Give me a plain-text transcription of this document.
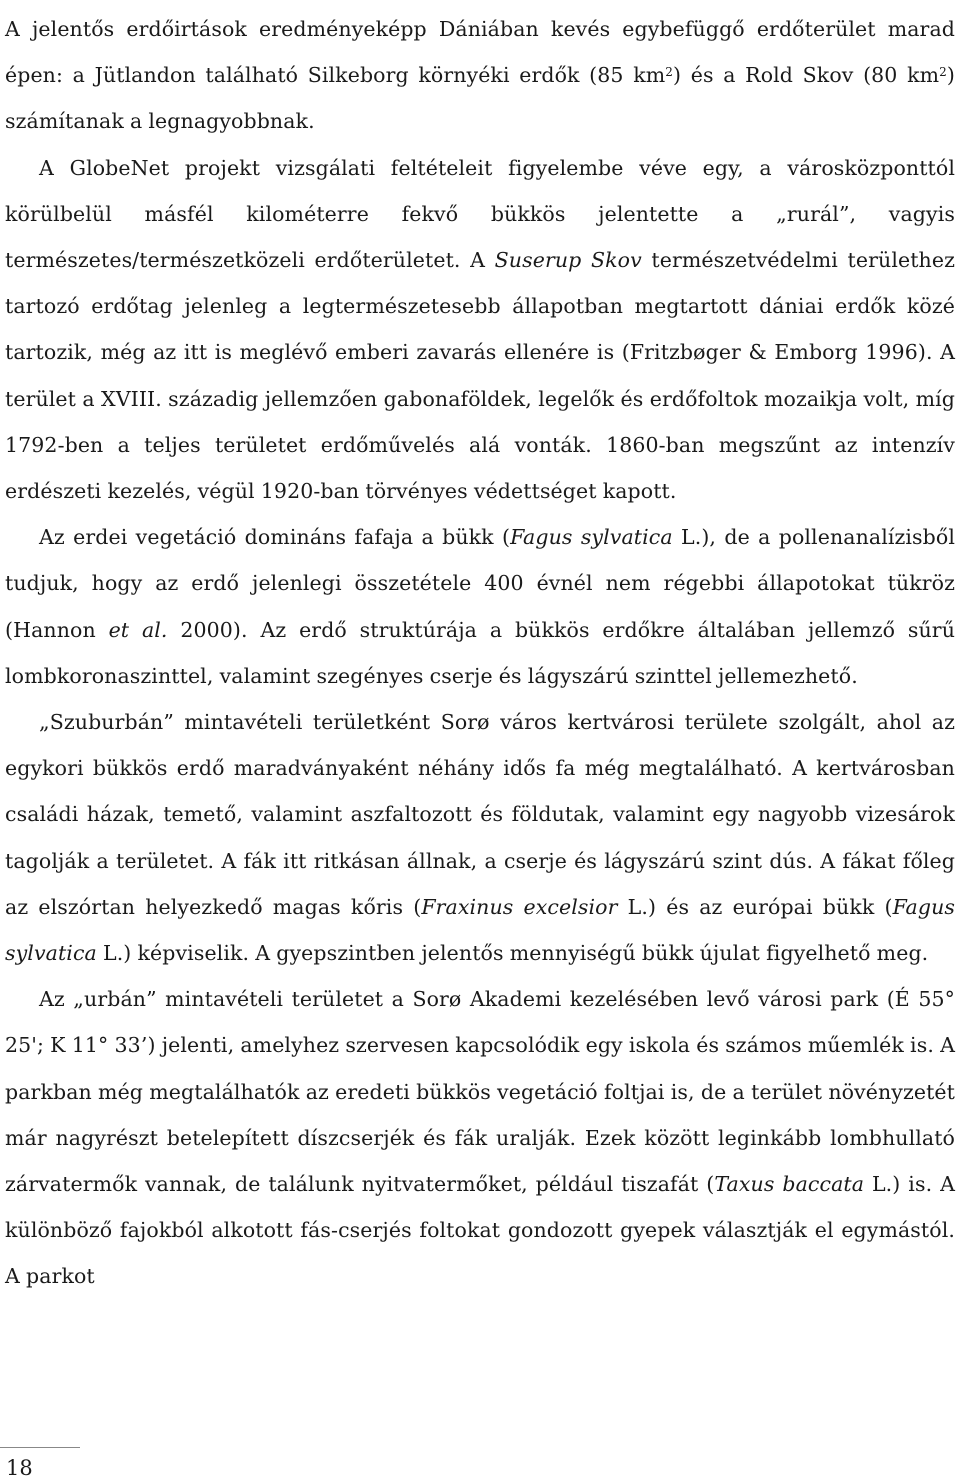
A jelentős erdőirtások eredményeképp Dániában kevés egybefüggő erdőterület marad épen: a Jütlandon található Silkeborg környéki erdők (85 $km^2$) és a Rold Skov (80 $km^2$) számítanak a legnagyobbnak.

A GlobeNet projekt vizsgálati feltételeit figyelembe véve egy, a városközponttól körülbelül másfél kilométerre fekvő bükkös jelentette a „rurál”, vagyis természetes/természetközeli erdőterületet. A Suserup Skov természetvédelmi területhez tartozó erdőtag jelenleg a legtermészetesebb állapotban megtartott dániai erdők közé tartozik, még az itt is meglévő emberi zavarás ellenére is (Fritzbøger & Emborg 1996). A terület a XVIII. századig jellemzően gabonaföldek, legelők és erdőfoltok mozaikja volt, míg 1792-ben a teljes területet erdőművelés alá vonták. 1860-ban megszűnt az intenzív erdészeti kezelés, végül 1920-ban törvényes védettséget kapott.

Az erdei vegetáció domináns fafaja a bükk (Fagus sylvatica L.), de a pollenanalízisből tudjuk, hogy az erdő jelenlegi összetétele 400 évnél nem régebbi állapotokat tükröz (Hannon et al. 2000). Az erdő struktúrája a bükkös erdőkre általában jellemző sűrű lombkoronaszinttel, valamint szegényes cserje és lágyszárú szinttel jellemezhető.

„Szuburbán” mintavételi területként Sorø város kertvárosi területe szolgált, ahol az egykori bükkös erdő maradványaként néhány idős fa még megtalálható. A kertvárosban családi házak, temető, valamint aszfaltozott és földutak, valamint egy nagyobb vizesárok tagolják a területet. A fák itt ritkásan állnak, a cserje és lágyszárú szint dús. A fákat főleg az elszórtan helyezkedő magas kőris (Fraxinus excelsior L.) és az európai bükk (Fagus sylvatica L.) képviselik. A gyepszintben jelentős mennyiségű bükk újulat figyelhető meg.

Az „urbán” mintavételi területet a Sorø Akademi kezelésében levő városi park (É 55° 25'; K 11° 33’) jelenti, amelyhez szervesen kapcsolódik egy iskola és számos műemlék is. A parkban még megtalálhatók az eredeti bükkös vegetáció foltjai is, de a terület növényzetét már nagyrészt betelepített díszcserjék és fák uralják. Ezek között leginkább lombhullató zárvatermők vannak, de találunk nyitvatermőket, például tiszafát (Taxus baccata L.) is. A különböző fajokból alkotott fás-cserjés foltokat gondozott gyepek választják el egymástól. A parkot

18
